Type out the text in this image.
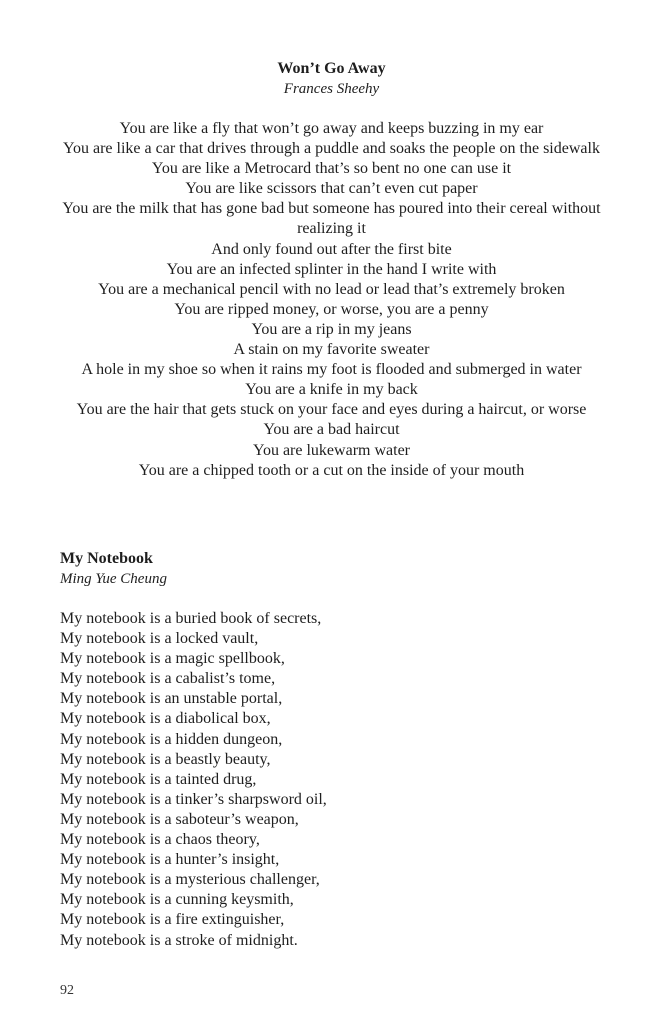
Won’t Go Away
Frances Sheehy
You are like a fly that won’t go away and keeps buzzing in my ear
You are like a car that drives through a puddle and soaks the people on the sidewalk
You are like a Metrocard that’s so bent no one can use it
You are like scissors that can’t even cut paper
You are the milk that has gone bad but someone has poured into their cereal without realizing it
And only found out after the first bite
You are an infected splinter in the hand I write with
You are a mechanical pencil with no lead or lead that’s extremely broken
You are ripped money, or worse, you are a penny
You are a rip in my jeans
A stain on my favorite sweater
A hole in my shoe so when it rains my foot is flooded and submerged in water
You are a knife in my back
You are the hair that gets stuck on your face and eyes during a haircut, or worse
You are a bad haircut
You are lukewarm water
You are a chipped tooth or a cut on the inside of your mouth
My Notebook
Ming Yue Cheung
My notebook is a buried book of secrets,
My notebook is a locked vault,
My notebook is a magic spellbook,
My notebook is a cabalist’s tome,
My notebook is an unstable portal,
My notebook is a diabolical box,
My notebook is a hidden dungeon,
My notebook is a beastly beauty,
My notebook is a tainted drug,
My notebook is a tinker’s sharpsword oil,
My notebook is a saboteur’s weapon,
My notebook is a chaos theory,
My notebook is a hunter’s insight,
My notebook is a mysterious challenger,
My notebook is a cunning keysmith,
My notebook is a fire extinguisher,
My notebook is a stroke of midnight.
92
